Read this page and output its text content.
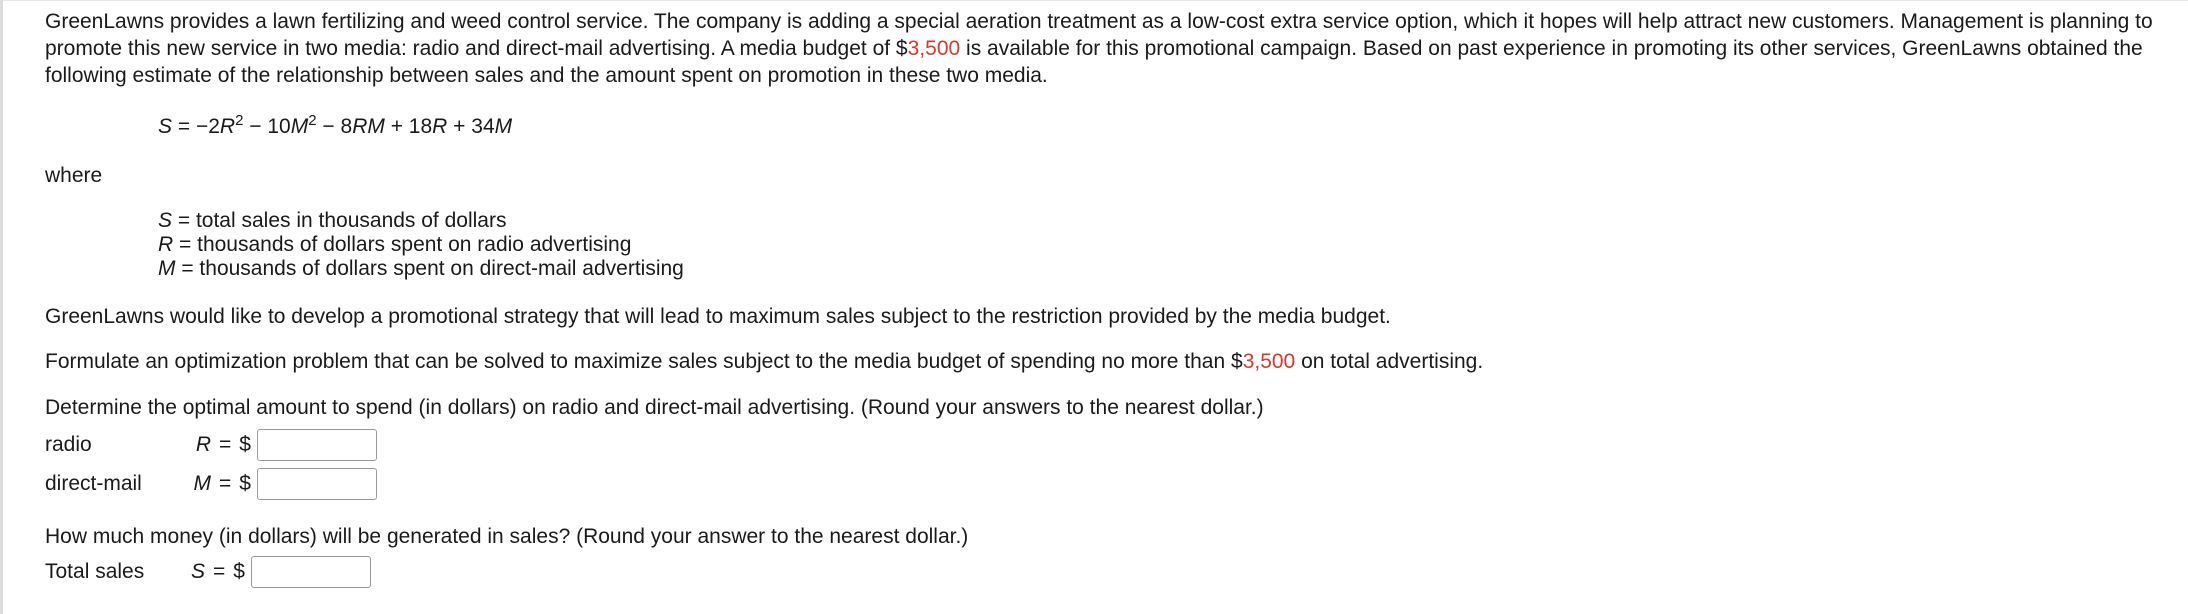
GreenLawns provides a lawn fertilizing and weed control service. The company is adding a special aeration treatment as a low-cost extra service option, which it hopes will help attract new customers. Management is planning to promote this new service in two media: radio and direct-mail advertising. A media budget of $3,500 is available for this promotional campaign. Based on past experience in promoting its other services, GreenLawns obtained the following estimate of the relationship between sales and the amount spent on promotion in these two media.

$S = -2R^2 - 10M^2 - 8RM + 18R + 34M$

where

S = total sales in thousands of dollars
R = thousands of dollars spent on radio advertising
M = thousands of dollars spent on direct-mail advertising

GreenLawns would like to develop a promotional strategy that will lead to maximum sales subject to the restriction provided by the media budget.

Formulate an optimization problem that can be solved to maximize sales subject to the media budget of spending no more than $3,500 on total advertising.

Determine the optimal amount to spend (in dollars) on radio and direct-mail advertising. (Round your answers to the nearest dollar.)

radio	R = $
direct-mail	M = $

How much money (in dollars) will be generated in sales? (Round your answer to the nearest dollar.)

Total sales	S = $
